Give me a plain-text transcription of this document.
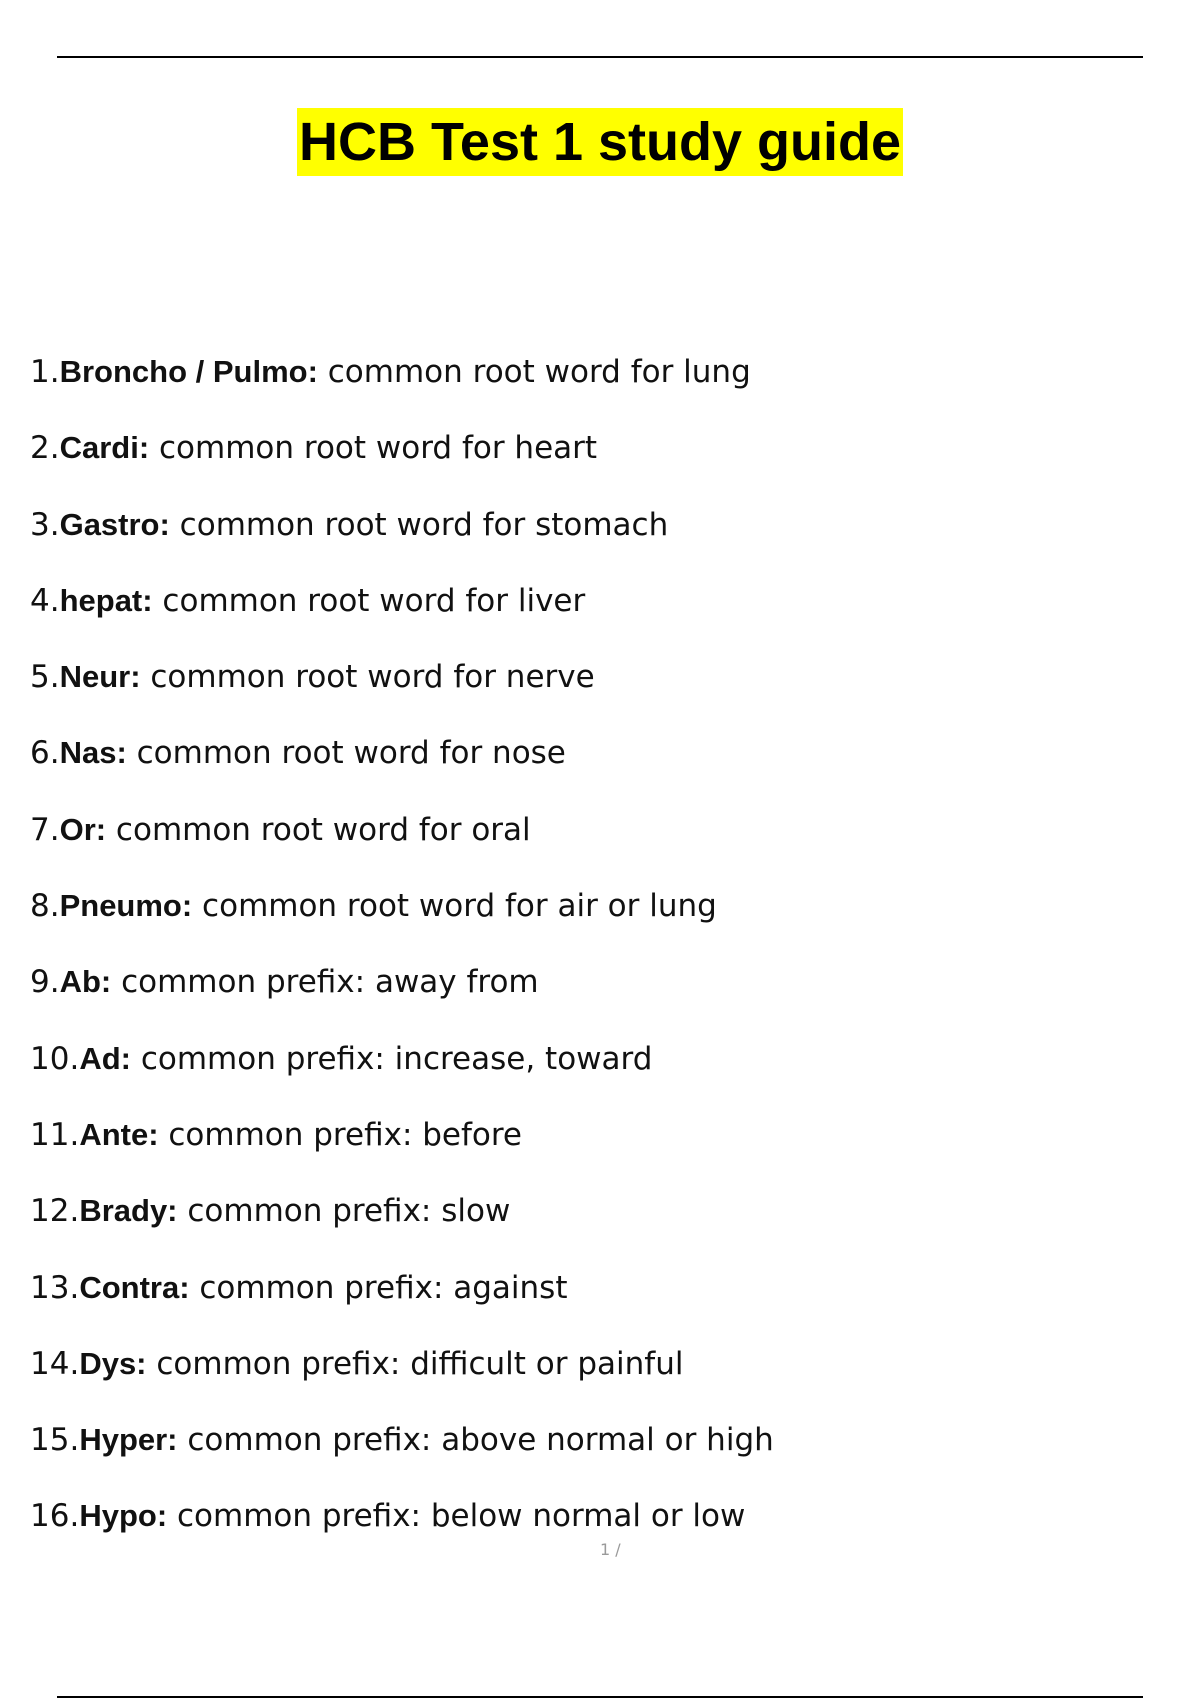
HCB Test 1 study guide
1.Broncho / Pulmo: common root word for lung
2.Cardi: common root word for heart
3.Gastro: common root word for stomach
4.hepat: common root word for liver
5.Neur: common root word for nerve
6.Nas: common root word for nose
7.Or: common root word for oral
8.Pneumo: common root word for air or lung
9.Ab: common prefix: away from
10.Ad: common prefix: increase, toward
11.Ante: common prefix: before
12.Brady: common prefix: slow
13.Contra: common prefix: against
14.Dys: common prefix: difficult or painful
15.Hyper: common prefix: above normal or high
16.Hypo: common prefix: below normal or low
1 /
